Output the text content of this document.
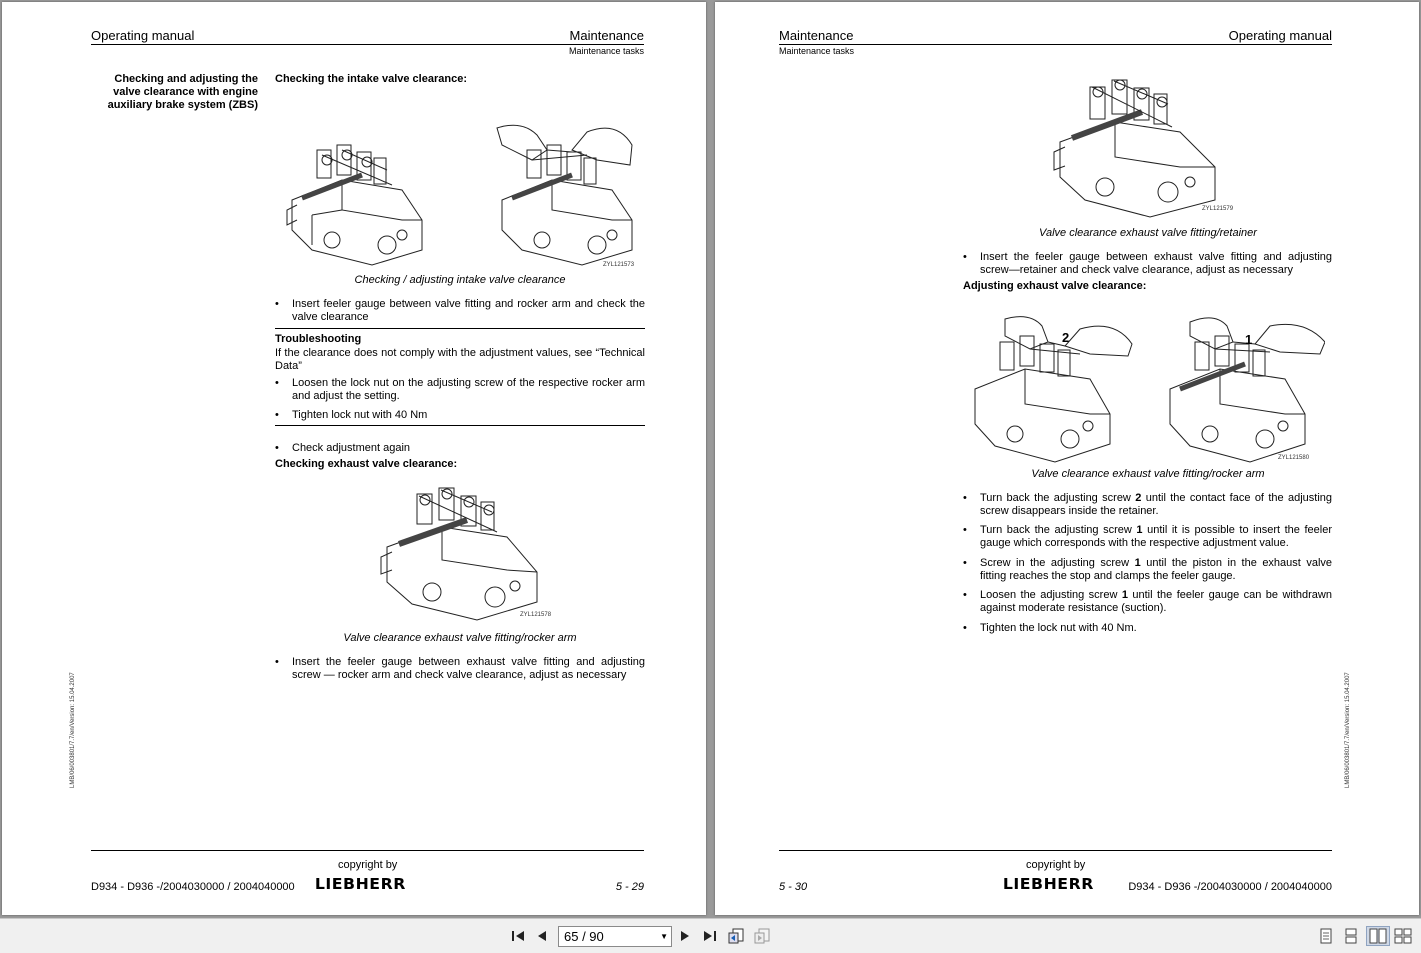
Operating manual	Maintenance
Maintenance tasks
Checking and adjusting the valve clearance with engine auxiliary brake system (ZBS)
Checking the intake valve clearance:
ZYL121573
Checking / adjusting intake valve clearance
• Insert feeler gauge between valve fitting and rocker arm and check the valve clearance
Troubleshooting
If the clearance does not comply with the adjustment values, see “Technical Data”
• Loosen the lock nut on the adjusting screw of the respective rocker arm and adjust the setting.
• Tighten lock nut with 40 Nm
• Check adjustment again
Checking exhaust valve clearance:
ZYL121578
Valve clearance exhaust valve fitting/rocker arm
• Insert the feeler gauge between exhaust valve fitting and adjusting screw — rocker arm and check valve clearance, adjust as necessary
LMB/06/003801/7.7/en/Version: 15.04.2007
copyright by
LIEBHERR
D934 - D936 -/2004030000 / 2004040000	5 - 29
Maintenance	Operating manual
Maintenance tasks
ZYL121579
Valve clearance exhaust valve fitting/retainer
• Insert the feeler gauge between exhaust valve fitting and adjusting screw—retainer and check valve clearance, adjust as necessary
Adjusting exhaust valve clearance:
2	1
ZYL121580
Valve clearance exhaust valve fitting/rocker arm
• Turn back the adjusting screw 2 until the contact face of the adjusting screw disappears inside the retainer.
• Turn back the adjusting screw 1 until it is possible to insert the feeler gauge which corresponds with the respective adjustment value.
• Screw in the adjusting screw 1 until the piston in the exhaust valve fitting reaches the stop and clamps the feeler gauge.
• Loosen the adjusting screw 1 until the feeler gauge can be withdrawn against moderate resistance (suction).
• Tighten the lock nut with 40 Nm.
LMB/06/003801/7.7/en/Version: 15.04.2007
copyright by
LIEBHERR
5 - 30	D934 - D936 -/2004030000 / 2004040000
65 / 90	▼
